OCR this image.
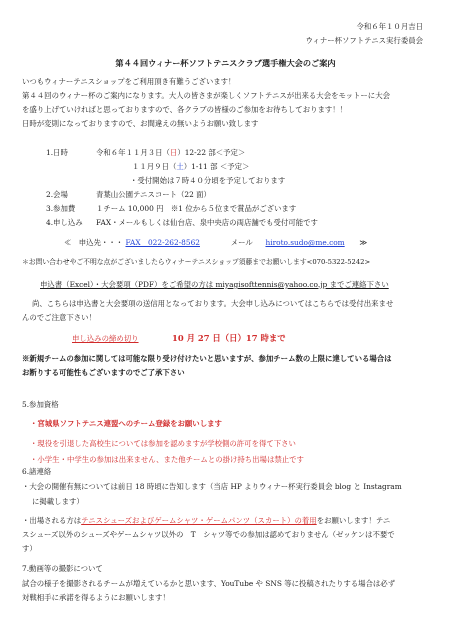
令和６年１０月吉日
ウィナー杯ソフトテニス実行委員会
第４４回ウィナー杯ソフトテニスクラブ選手権大会のご案内
いつもウィナーテニスショップをご利用頂き有難うございます！
第４４回のウィナー杯のご案内になります。大人の皆さまが楽しくソフトテニスが出来る大会をモットーに大会
を盛り上げていければと思っておりますので、各クラブの皆様のご参加をお待ちしております！！
日時が変則になっておりますので、お間違えの無いようお願い致します
1.日時	令和６年１１月３日（日）12-22 部＜予定＞
１１月９日（土）1-11 部 ＜予定＞
・受付開始は７時４０分頃を予定しております
2.会場	青葉山公園テニスコート（22 面）
3.参加費	１チーム 10,000 円　※1 位から５位まで賞品がございます
4.申し込み FAX・メールもしくは仙台店、泉中央店の両店舗でも受付可能です
≪　申込先・・・ FAX　022-262-8562	メール hiroto.sudo@me.com ≫
＊お問い合わせやご不明な点がございましたらウィナーテニスショップ須藤までお願いします<070-5322-5242>
申込書（Excel）・大会要項（PDF）をご希望の方は miyagisofttennis@yahoo.co.jp までご連絡下さい
尚、こちらは申込書と大会要項の送信用となっております。大会申し込みについてはこちらでは受付出来ませ
んのでご注意下さい！
申し込みの締め切り	10 月 27 日（日）17 時まで
※新規チームの参加に関しては可能な限り受け付けたいと思いますが、参加チーム数の上限に達している場合は
お断りする可能性もございますのでご了承下さい
5.参加資格
・宮城県ソフトテニス連盟へのチーム登録をお願いします
・現役を引退した高校生については参加を認めますが学校側の許可を得て下さい
・小学生・中学生の参加は出来ません、また他チームとの掛け持ち出場は禁止です
6.諸連絡
・大会の開催有無については前日 18 時頃に告知します（当店 HP よりウィナー杯実行委員会 blog と Instagram
に掲載します）
・出場される方はテニスシューズおよびゲームシャツ・ゲームパンツ（スカート）の着用をお願いします！テニ
スシューズ以外のシューズやゲームシャツ以外の　T　シャツ等での参加は認めておりません（ゼッケンは不要で
す）
7.動画等の撮影について
試合の様子を撮影されるチームが増えているかと思います、YouTube や SNS 等に投稿されたりする場合は必ず
対戦相手に承諾を得るようにお願いします！
